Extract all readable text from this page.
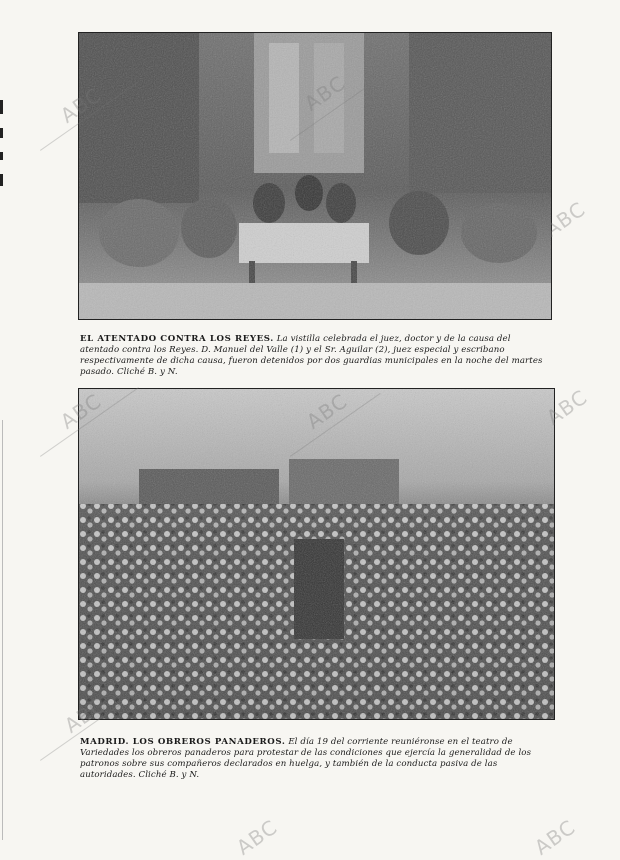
EL ATENTADO CONTRA LOS REYES. La vistilla celebrada el juez, doctor y de la causa del atentado contra los Reyes. D. Manuel del Valle (1) y el Sr. Aguilar (2), juez especial y escribano respectivamente de dicha causa, fueron detenidos por dos guardias municipales en la noche del martes pasado. Cliché B. y N.
MADRID. LOS OBREROS PANADEROS. El día 19 del corriente reuniéronse en el teatro de Variedades los obreros panaderos para protestar de las condiciones que ejercía la generalidad de los patronos sobre sus compañeros declarados en huelga, y también de la conducta pasiva de las autoridades. Cliché B. y N.
ABC	ABC
ABC
ABC	ABC	ABC
ABC
ABC	ABC
